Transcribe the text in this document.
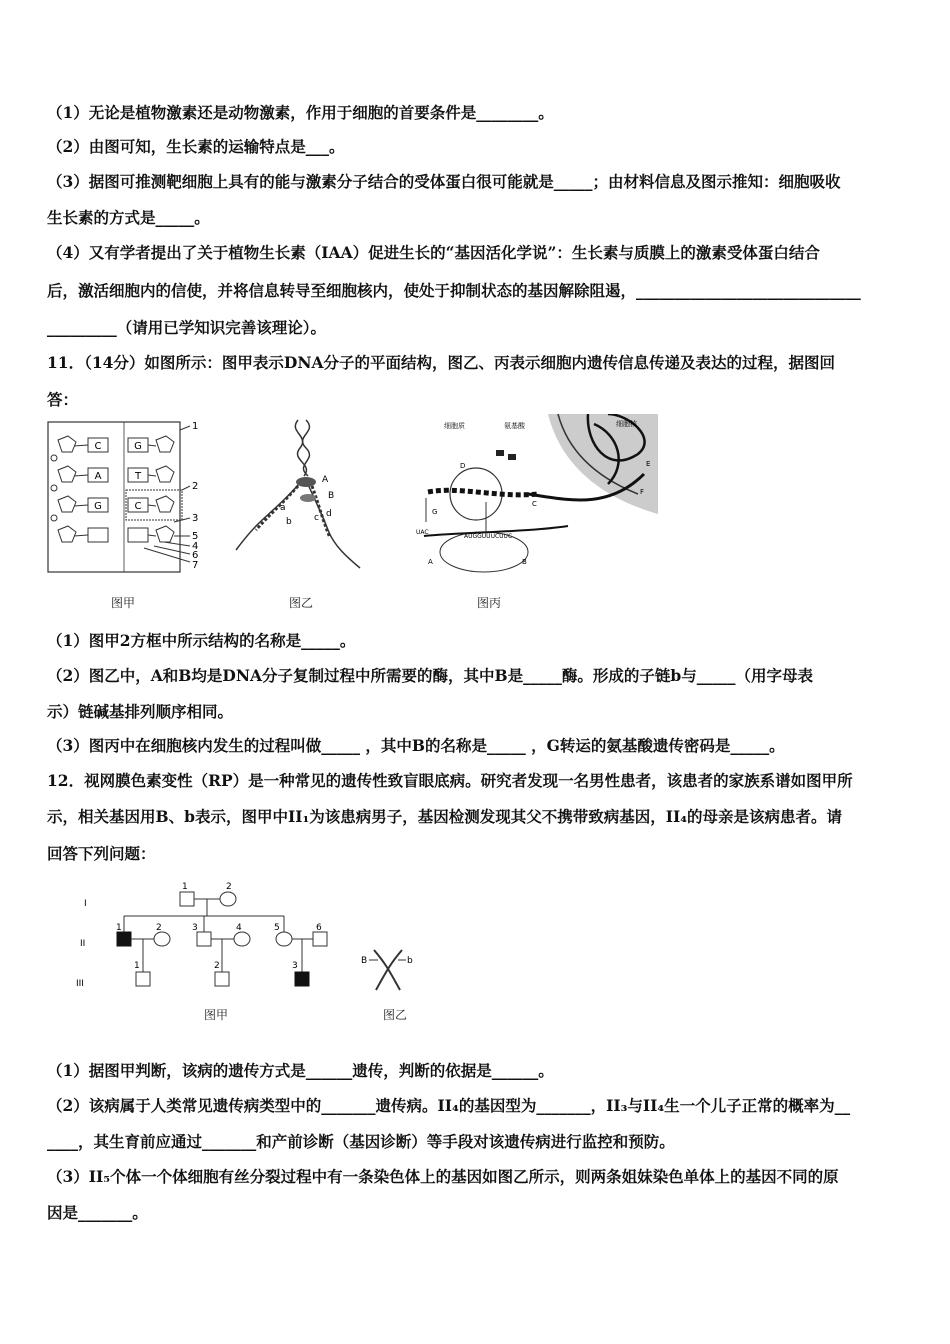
（1）无论是植物激素还是动物激素，作用于细胞的首要条件是________。
（2）由图可知，生长素的运输特点是___。
（3）据图可推测靶细胞上具有的能与激素分子结合的受体蛋白很可能就是_____；由材料信息及图示推知：细胞吸收
生长素的方式是_____。
（4）又有学者提出了关于植物生长素（IAA）促进生长的“基因活化学说”：生长素与质膜上的激素受体蛋白结合
后，激活细胞内的信使，并将信息转导至细胞核内，使处于抑制状态的基因解除阻遏，_____________________________
_________（请用已学知识完善该理论）。
11．（14分）如图所示：图甲表示DNA分子的平面结构，图乙、丙表示细胞内遗传信息传递及表达的过程，据图回
答：
C
A
G
G
T
C
1
2
3
5
4
6
7
图甲
A
B
a
b c d
图乙
细胞质	氨基酸	细胞核
D
G
UAC
AUGGUUUCUUC
C
A	B
E
F
图丙
（1）图甲2方框中所示结构的名称是_____。
（2）图乙中，A和B均是DNA分子复制过程中所需要的酶，其中B是_____酶。形成的子链b与_____（用字母表
示）链碱基排列顺序相同。
（3）图丙中在细胞核内发生的过程叫做_____ ，其中B的名称是_____ ，G转运的氨基酸遗传密码是_____。
12．视网膜色素变性（RP）是一种常见的遗传性致盲眼底病。研究者发现一名男性患者，该患者的家族系谱如图甲所
示，相关基因用B、b表示，图甲中II₁为该患病男子，基因检测发现其父不携带致病基因，II₄的母亲是该病患者。请
回答下列问题：
I
II
III
1	2
1	2	3	4	5	6
1	2	3
图甲
B	b
图乙
（1）据图甲判断，该病的遗传方式是______遗传，判断的依据是______。
（2）该病属于人类常见遗传病类型中的_______遗传病。II₄的基因型为_______，II₃与II₄生一个儿子正常的概率为__
____，其生育前应通过_______和产前诊断（基因诊断）等手段对该遗传病进行监控和预防。
（3）II₅个体一个体细胞有丝分裂过程中有一条染色体上的基因如图乙所示，则两条姐妹染色单体上的基因不同的原
因是_______。
